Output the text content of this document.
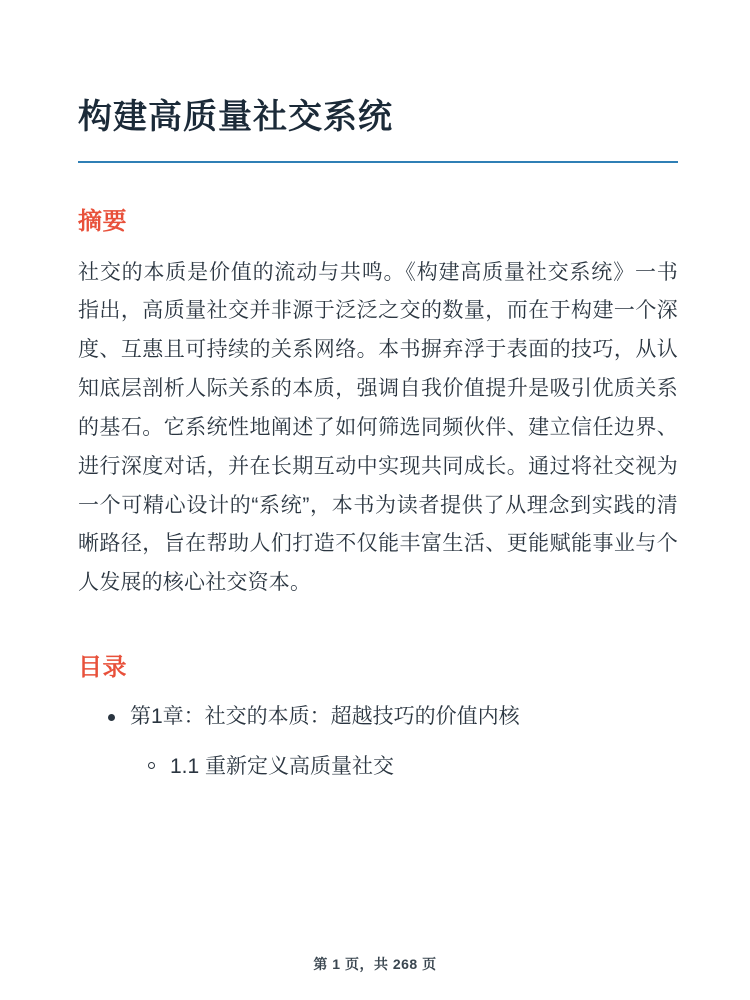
构建高质量社交系统
摘要

社交的本质是价值的流动与共鸣。《构建高质量社交系统》一书指出，高质量社交并非源于泛泛之交的数量，而在于构建一个深度、互惠且可持续的关系网络。本书摒弃浮于表面的技巧，从认知底层剖析人际关系的本质，强调自我价值提升是吸引优质关系的基石。它系统性地阐述了如何筛选同频伙伴、建立信任边界、进行深度对话，并在长期互动中实现共同成长。通过将社交视为一个可精心设计的“系统”，本书为读者提供了从理念到实践的清晰路径，旨在帮助人们打造不仅能丰富生活、更能赋能事业与个人发展的核心社交资本。

目录
第1章：社交的本质：超越技巧的价值内核
1.1 重新定义高质量社交
第 1 页，共 268 页
